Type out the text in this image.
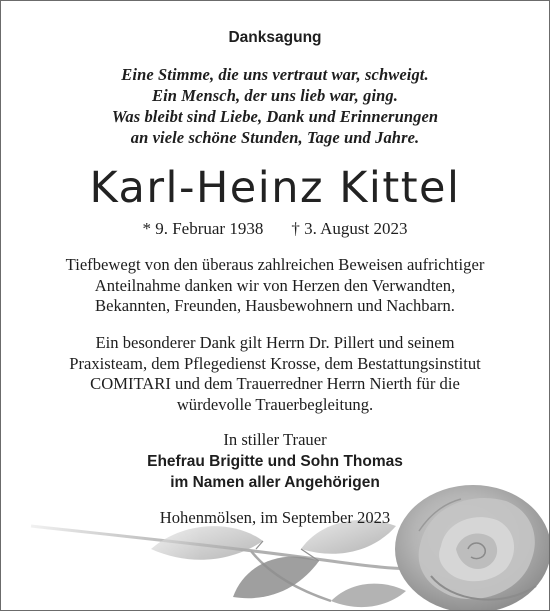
Danksagung
Eine Stimme, die uns vertraut war, schweigt.
Ein Mensch, der uns lieb war, ging.
Was bleibt sind Liebe, Dank und Erinnerungen
an viele schöne Stunden, Tage und Jahre.
Karl-Heinz Kittel
* 9. Februar 1938 † 3. August 2023
Tiefbewegt von den überaus zahlreichen Beweisen aufrichtiger
Anteilnahme danken wir von Herzen den Verwandten,
Bekannten, Freunden, Hausbewohnern und Nachbarn.
Ein besonderer Dank gilt Herrn Dr. Pillert und seinem
Praxisteam, dem Pflegedienst Krosse, dem Bestattungsinstitut
COMITARI und dem Trauerredner Herrn Nierth für die
würdevolle Trauerbegleitung.
In stiller Trauer
Ehefrau Brigitte und Sohn Thomas
im Namen aller Angehörigen
Hohenmölsen, im September 2023
